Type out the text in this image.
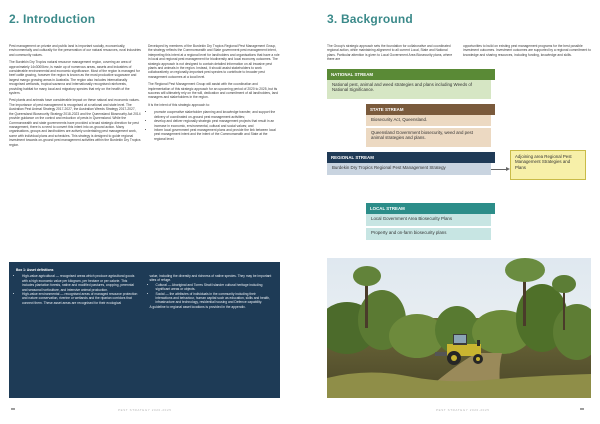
2. Introduction

Pest management on private and public land is important socially, economically, environmentally and culturally for the preservation of our natural resources, rural industries and community values.

The Burdekin Dry Tropics natural resource management region, covering an area of approximately 14x3000km², is made up of numerous areas, assets and industries of considerable environmental and economic significance. Most of the region is managed for beef cattle grazing, however the region is known as the most productive sugarcane and largest mango growing areas in Australia. The region also includes internationally recognised wetlands, tropical savanna and internationally recognised rainforests, providing habitat for many local and migratory species that rely on the health of the system.

Pest plants and animals have considerable impact on these natural and economic values. The importance of pest management is recognised at a national and state level. The Australian Pest Animal Strategy 2017-2027, the Australian Weeds Strategy 2017-2027, the Queensland Biosecurity Strategy 2018-2023 and the Queensland Biosecurity Act 2014 provide guidance on the control and reduction of pests in Queensland. While the Commonwealth and state governments have provided a broad strategic direction for pest management, there is a need to convert this intent into on-ground action. Many organisations, groups and landholders are actively undertaking pest management work, some with individual plans and schedules. This strategy is designed to guide regional investment towards on-ground pest management activities within the Burdekin Dry Tropics region.

Developed by members of the Burdekin Dry Tropics Regional Pest Management Group, the strategy reflects the Commonwealth and State government pest management intent, interpreting this intent at a regional level for landholders and organisations that have a role in local and regional pest management for biodiversity and local economy outcomes. The strategic approach is not designed to contain detailed information on all invasive pest plants and animals in the region. Instead, it should assist stakeholders to work collaboratively on regionally-important pest species to contribute to broader pest management outcomes at a local level.

The Regional Pest Management Group will assist with the coordination and implementation of this strategic approach for an upcoming period of 2020 to 2025, but its success will ultimately rely on the will, dedication and commitment of all landholders, land managers and stakeholders in the region.

It is the intent of this strategic approach to:

• promote cooperative stakeholder planning and knowledge transfer, and support the delivery of coordinated on-ground pest management activities;
• develop and deliver regionally strategic pest management projects that result in an increase in economic, environmental, cultural and social values; and
• inform local government pest management plans and provide the link between local pest management intent and the intent of the Commonwealth and State at the regional level.
Box 1: Asset definitions
• High-value agricultural — recognised areas which produce agricultural goods with a high economic value per kilogram, per hectare or per calorie. This includes plantation forests, native and modified pastures, cropping, perennial and seasonal horticulture, and intensive animal production.
• High-value environmental — recognised areas of managed resource protection and nature conservation, riverine or wetlands and the riparian corridors that connect them. These asset areas are recognised for their ecological
value, including the diversity and richness of native species. They may be important sites of refuge.
• Cultural — Aboriginal and Torres Strait Islander cultural heritage including significant areas or objects.
• Social — the attributes of individuals in the community including their interactions and behaviour, human capital such as education, skills and health, infrastructure and technology, residential housing and Defence capability.
A guideline to regional asset locations is provided in the appendix.
xx	PEST STRATEGY 2020-2025
3. Background
The Group's strategic approach sets the foundation for collaborative and coordinated regional action, while maintaining alignment to all current Local, State and National plans. Particular attention is given to Local Government Area Biosecurity plans, where there are
opportunities to build on existing pest management programs for the best possible investment outcomes. Investment outcomes are supported by a regional commitment to knowledge and sharing resources, including funding, knowledge and skills.
NATIONAL STREAM
National pest, animal and weed strategies and plans including Weeds of National Significance.
STATE STREAM
Biosecurity Act, Queensland.
Queensland Government biosecurity, weed and pest animal strategies and plans.
REGIONAL STREAM
Burdekin Dry Tropics Regional Pest Management Strategy
Adjoining area Regional Pest Management Strategies and Plans
LOCAL STREAM
Local Government Area Biosecurity Plans
Property and on-farm biosecurity plans
PEST STRATEGY 2020-2025	xx
